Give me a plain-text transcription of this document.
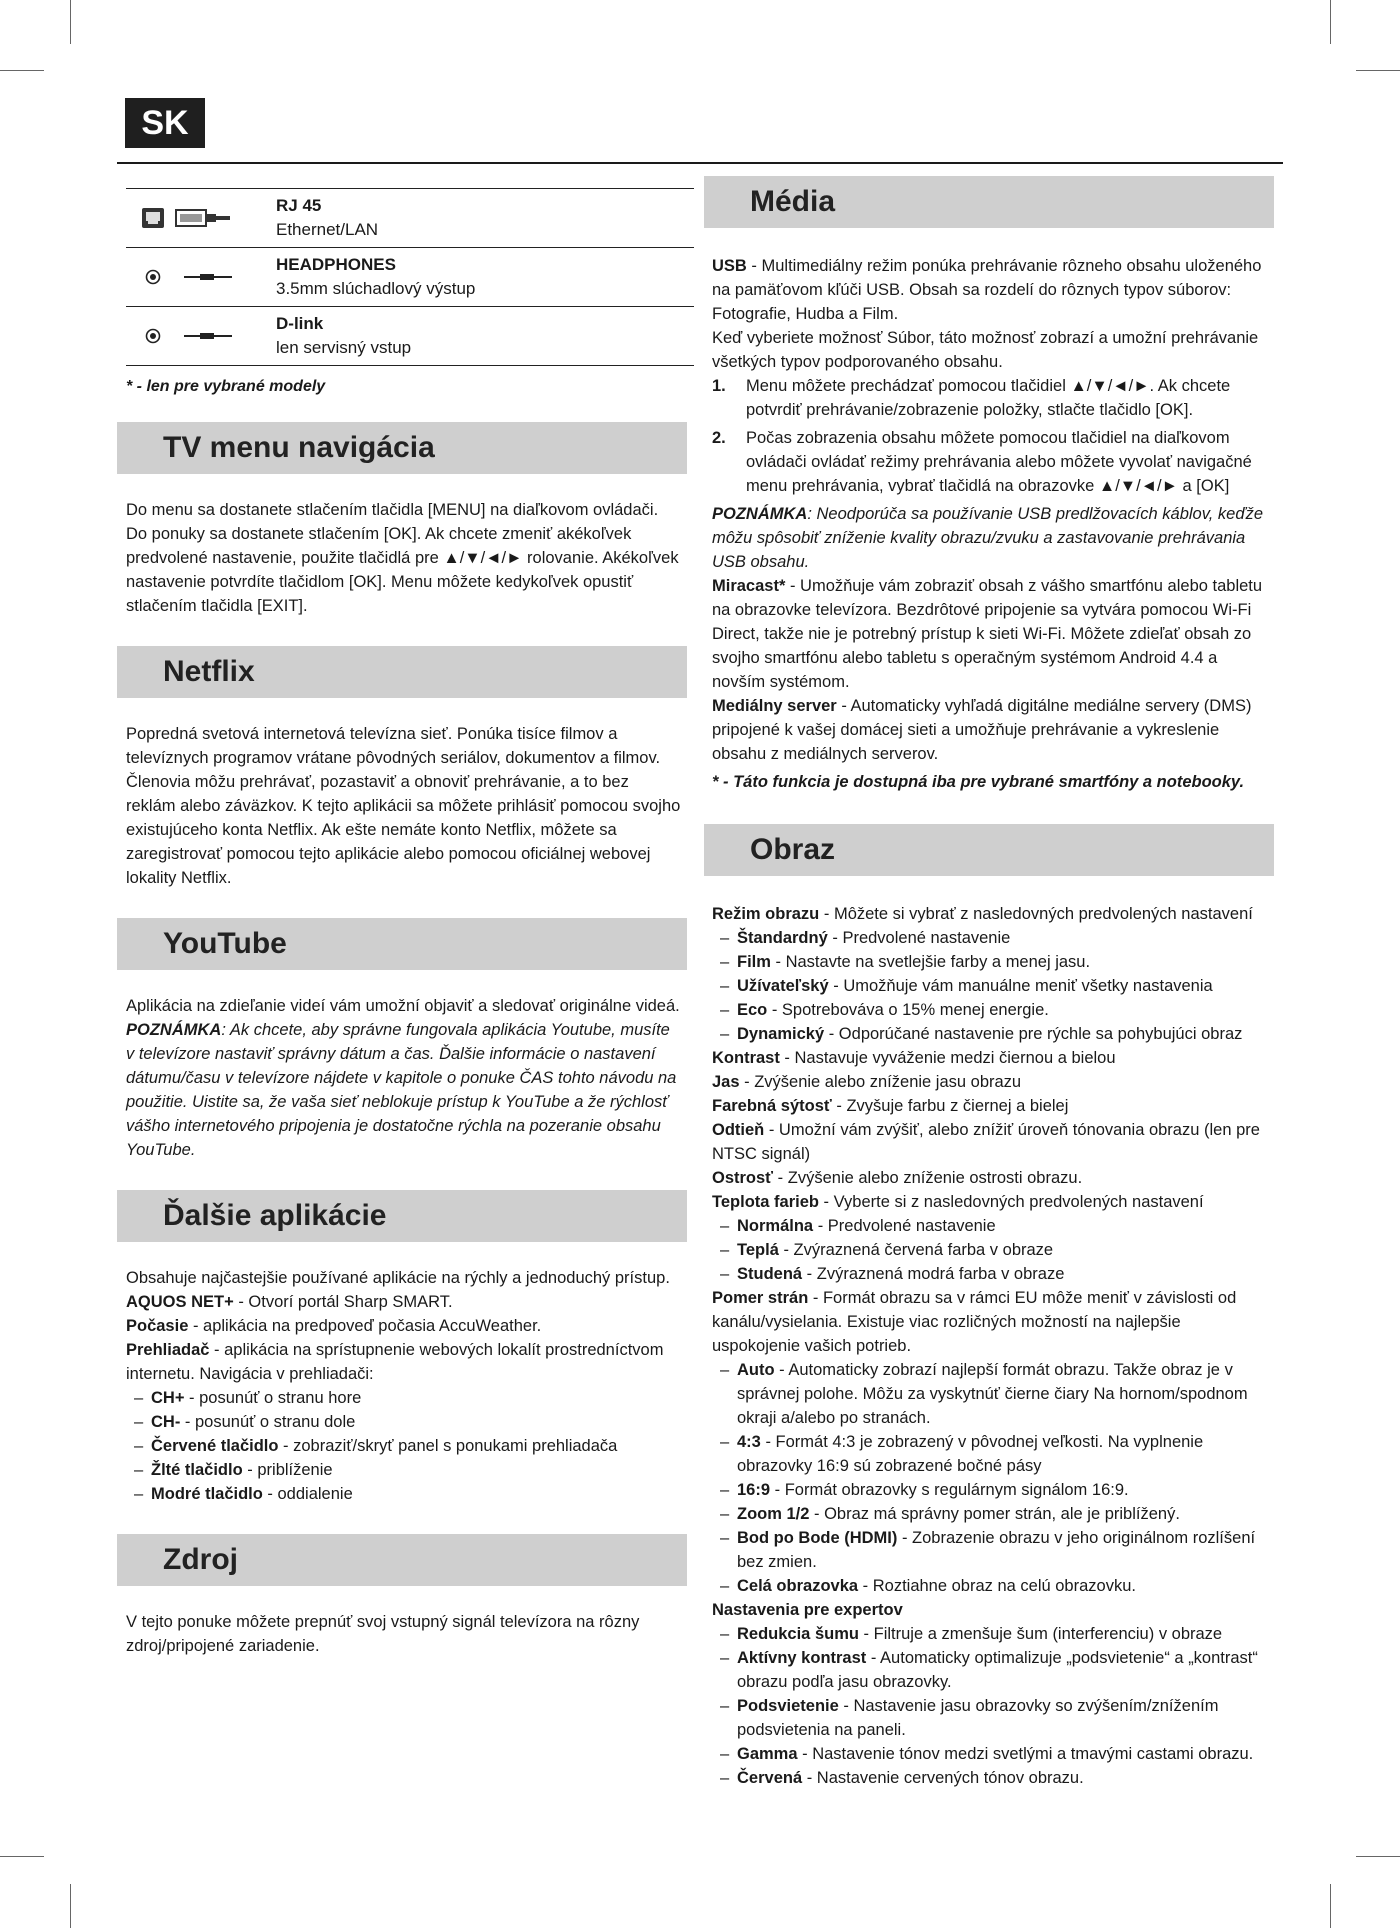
SK
RJ 45
Ethernet/LAN
HEADPHONES
3.5mm slúchadlový výstup
D-link
len servisný vstup
* - len pre vybrané modely
TV menu navigácia

Do menu sa dostanete stlačením tlačidla [MENU] na diaľkovom ovládači. Do ponuky sa dostanete stlačením [OK]. Ak chcete zmeniť akékoľvek predvolené nastavenie, použite tlačidlá pre ▲/▼/◄/► rolovanie. Akékoľvek nastavenie potvrdíte tlačidlom [OK]. Menu môžete kedykoľvek opustiť stlačením tlačidla [EXIT].

Netflix

Popredná svetová internetová televízna sieť. Ponúka tisíce filmov a televíznych programov vrátane pôvodných seriálov, dokumentov a filmov. Členovia môžu prehrávať, pozastaviť a obnoviť prehrávanie, a to bez reklám alebo záväzkov. K tejto aplikácii sa môžete prihlásiť pomocou svojho existujúceho konta Netflix. Ak ešte nemáte konto Netflix, môžete sa zaregistrovať pomocou tejto aplikácie alebo pomocou oficiálnej webovej lokality Netflix.

YouTube

Aplikácia na zdieľanie videí vám umožní objaviť a sledovať originálne videá.

POZNÁMKA: Ak chcete, aby správne fungovala aplikácia Youtube, musíte v televízore nastaviť správny dátum a čas. Ďalšie informácie o nastavení dátumu/času v televízore nájdete v kapitole o ponuke ČAS tohto návodu na použitie. Uistite sa, že vaša sieť neblokuje prístup k YouTube a že rýchlosť vášho internetového pripojenia je dostatočne rýchla na pozeranie obsahu YouTube.

Ďalšie aplikácie

Obsahuje najčastejšie používané aplikácie na rýchly a jednoduchý prístup.

AQUOS NET+ - Otvorí portál Sharp SMART.

Počasie - aplikácia na predpoveď počasia AccuWeather.

Prehliadač - aplikácia na sprístupnenie webových lokalít prostredníctvom internetu. Navigácia v prehliadači:

– CH+ - posunúť o stranu hore
– CH- - posunúť o stranu dole
– Červené tlačidlo - zobraziť/skryť panel s ponukami prehliadača
– Žlté tlačidlo - priblíženie
– Modré tlačidlo - oddialenie
Zdroj

V tejto ponuke môžete prepnúť svoj vstupný signál televízora na rôzny zdroj/pripojené zariadenie.

Média

USB - Multimediálny režim ponúka prehrávanie rôzneho obsahu uloženého na pamäťovom kľúči USB. Obsah sa rozdelí do rôznych typov súborov: Fotografie, Hudba a Film.

Keď vyberiete možnosť Súbor, táto možnosť zobrazí a umožní prehrávanie všetkých typov podporovaného obsahu.

1. Menu môžete prechádzať pomocou tlačidiel ▲/▼/◄/►. Ak chcete potvrdiť prehrávanie/zobrazenie položky, stlačte tlačidlo [OK].
2. Počas zobrazenia obsahu môžete pomocou tlačidiel na diaľkovom ovládači ovládať režimy prehrávania alebo môžete vyvolať navigačné menu prehrávania, vybrať tlačidlá na obrazovke ▲/▼/◄/► a [OK]

POZNÁMKA: Neodporúča sa používanie USB predlžovacích káblov, keďže môžu spôsobiť zníženie kvality obrazu/zvuku a zastavovanie prehrávania USB obsahu.

Miracast* - Umožňuje vám zobraziť obsah z vášho smartfónu alebo tabletu na obrazovke televízora. Bezdrôtové pripojenie sa vytvára pomocou Wi-Fi Direct, takže nie je potrebný prístup k sieti Wi-Fi. Môžete zdieľať obsah zo svojho smartfónu alebo tabletu s operačným systémom Android 4.4 a novším systémom.

Mediálny server - Automaticky vyhľadá digitálne mediálne servery (DMS) pripojené k vašej domácej sieti a umožňuje prehrávanie a vykreslenie obsahu z mediálnych serverov.

* - Táto funkcia je dostupná iba pre vybrané smartfóny a notebooky.

Obraz

Režim obrazu - Môžete si vybrať z nasledovných predvolených nastavení

– Štandardný - Predvolené nastavenie
– Film - Nastavte na svetlejšie farby a menej jasu.
– Užívateľský - Umožňuje vám manuálne meniť všetky nastavenia
– Eco - Spotrebováva o 15% menej energie.
– Dynamický - Odporúčané nastavenie pre rýchle sa pohybujúci obraz

Kontrast - Nastavuje vyváženie medzi čiernou a bielou

Jas - Zvýšenie alebo zníženie jasu obrazu

Farebná sýtosť - Zvyšuje farbu z čiernej a bielej

Odtieň - Umožní vám zvýšiť, alebo znížiť úroveň tónovania obrazu (len pre NTSC signál)

Ostrosť - Zvýšenie alebo zníženie ostrosti obrazu.

Teplota farieb - Vyberte si z nasledovných predvolených nastavení

– Normálna - Predvolené nastavenie
– Teplá - Zvýraznená červená farba v obraze
– Studená - Zvýraznená modrá farba v obraze

Pomer strán - Formát obrazu sa v rámci EU môže meniť v závislosti od kanálu/vysielania. Existuje viac rozličných možností na najlepšie uspokojenie vašich potrieb.

– Auto - Automaticky zobrazí najlepší formát obrazu. Takže obraz je v správnej polohe. Môžu za vyskytnúť čierne čiary Na hornom/spodnom okraji a/alebo po stranách.
– 4:3 - Formát 4:3 je zobrazený v pôvodnej veľkosti. Na vyplnenie obrazovky 16:9 sú zobrazené bočné pásy
– 16:9 - Formát obrazovky s regulárnym signálom 16:9.
– Zoom 1/2 - Obraz má správny pomer strán, ale je priblížený.
– Bod po Bode (HDMI) - Zobrazenie obrazu v jeho originálnom rozlíšení bez zmien.
– Celá obrazovka - Roztiahne obraz na celú obrazovku.

Nastavenia pre expertov

– Redukcia šumu - Filtruje a zmenšuje šum (interferenciu) v obraze
– Aktívny kontrast - Automaticky optimalizuje „podsvietenie“ a „kontrast“ obrazu podľa jasu obrazovky.
– Podsvietenie - Nastavenie jasu obrazovky so zvýšením/znížením podsvietenia na paneli.
– Gamma - Nastavenie tónov medzi svetlými a tmavými castami obrazu.
– Červená - Nastavenie cervených tónov obrazu.
